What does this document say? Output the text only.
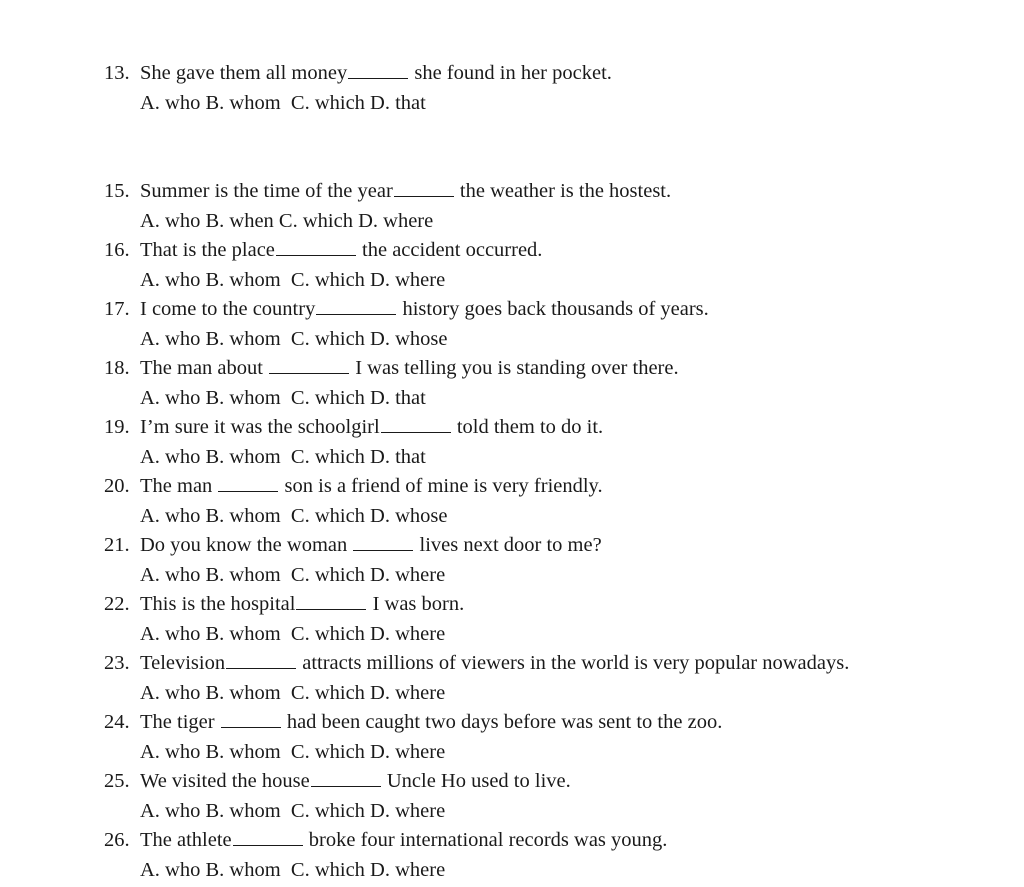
13. She gave them all money	she found in her pocket.
A. who B. whom  C. which D. that
15. Summer is the time of the year	the weather is the hostest.
A. who B. when C. which D. where
16. That is the place	the accident occurred.
A. who B. whom  C. which D. where
17. I come to the country	history goes back thousands of years.
A. who B. whom  C. which D. whose
18. The man about	I was telling you is standing over there.
A. who B. whom  C. which D. that
19. I’m sure it was the schoolgirl	told them to do it.
A. who B. whom  C. which D. that
20. The man	son is a friend of mine is very friendly.
A. who B. whom  C. which D. whose
21. Do you know the woman	lives next door to me?
A. who B. whom  C. which D. where
22. This is the hospital	I was born.
A. who B. whom  C. which D. where
23. Television	attracts millions of viewers in the world is very popular nowadays.
A. who B. whom  C. which D. where
24. The tiger	had been caught two days before was sent to the zoo.
A. who B. whom  C. which D. where
25. We visited the house	Uncle Ho used to live.
A. who B. whom  C. which D. where
26. The athlete	broke four international records was young.
A. who B. whom  C. which D. where
